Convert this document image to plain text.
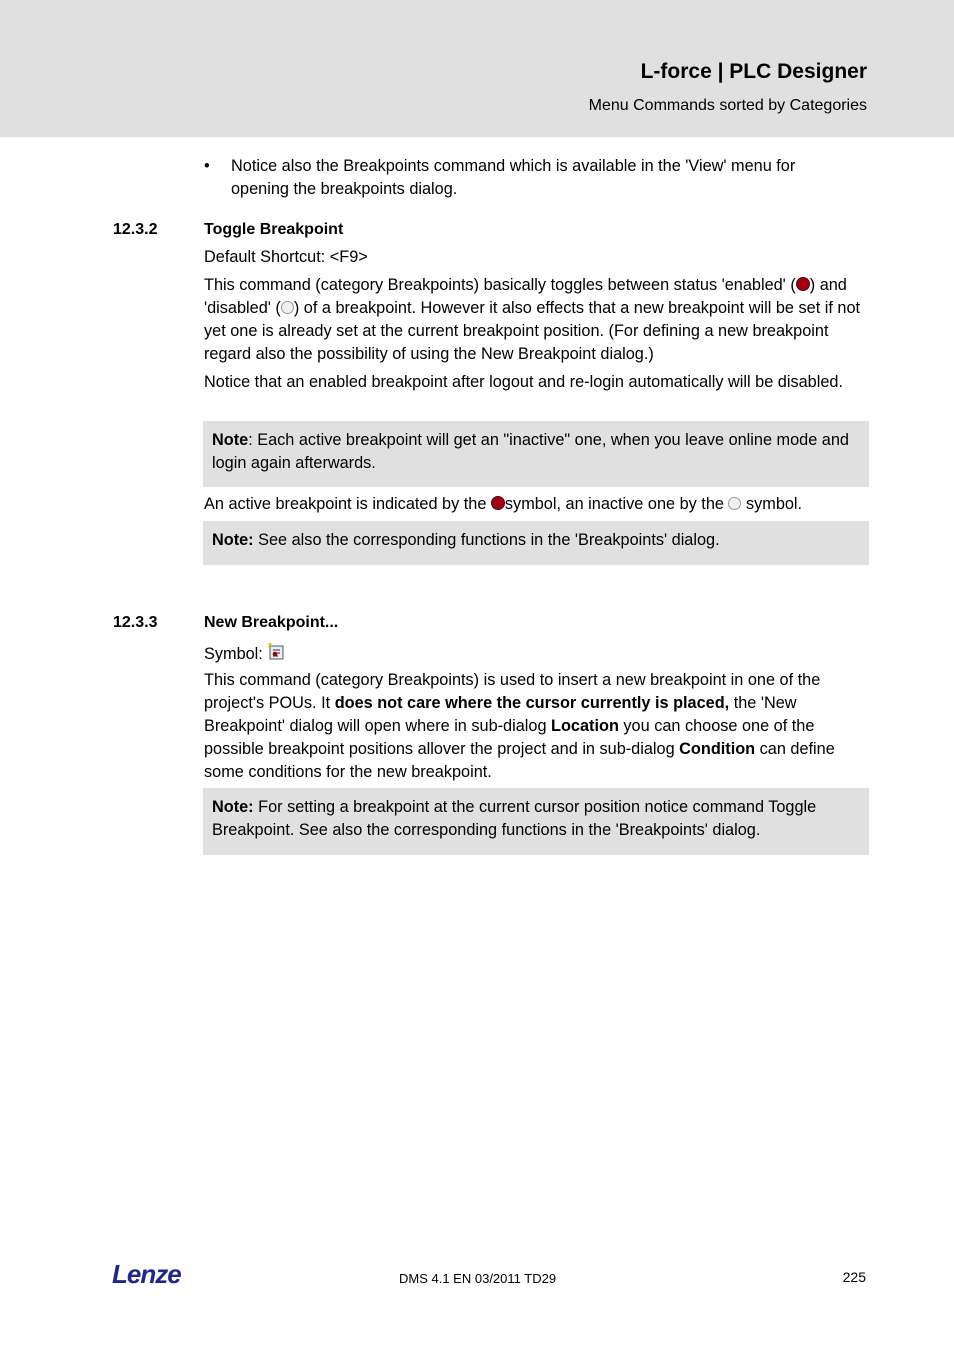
L-force | PLC Designer
Menu Commands sorted by Categories
• Notice also the Breakpoints command which is available in the 'View' menu for opening the breakpoints dialog.
12.3.2	Toggle Breakpoint
Default Shortcut: <F9>
This command (category Breakpoints) basically toggles between status 'enabled' ( ) and 'disabled' ( ) of a breakpoint. However it also effects that a new breakpoint will be set if not yet one is already set at the current breakpoint position. (For defining a new breakpoint regard also the possibility of using the New Breakpoint dialog.)
Notice that an enabled breakpoint after logout and re-login automatically will be disabled.
Note: Each active breakpoint will get an "inactive" one, when you leave online mode and login again afterwards.
An active breakpoint is indicated by the symbol, an inactive one by the  symbol.
Note: See also the corresponding functions in the 'Breakpoints' dialog.
12.3.3	New Breakpoint...
Symbol:
This command (category Breakpoints) is used to insert a new breakpoint in one of the project's POUs. It does not care where the cursor currently is placed, the 'New Breakpoint' dialog will open where in sub-dialog Location you can choose one of the possible breakpoint positions allover the project and in sub-dialog Condition can define some conditions for the new breakpoint.
Note: For setting a breakpoint at the current cursor position notice command Toggle Breakpoint. See also the corresponding functions in the 'Breakpoints' dialog.
Lenze	DMS 4.1 EN 03/2011 TD29	225
